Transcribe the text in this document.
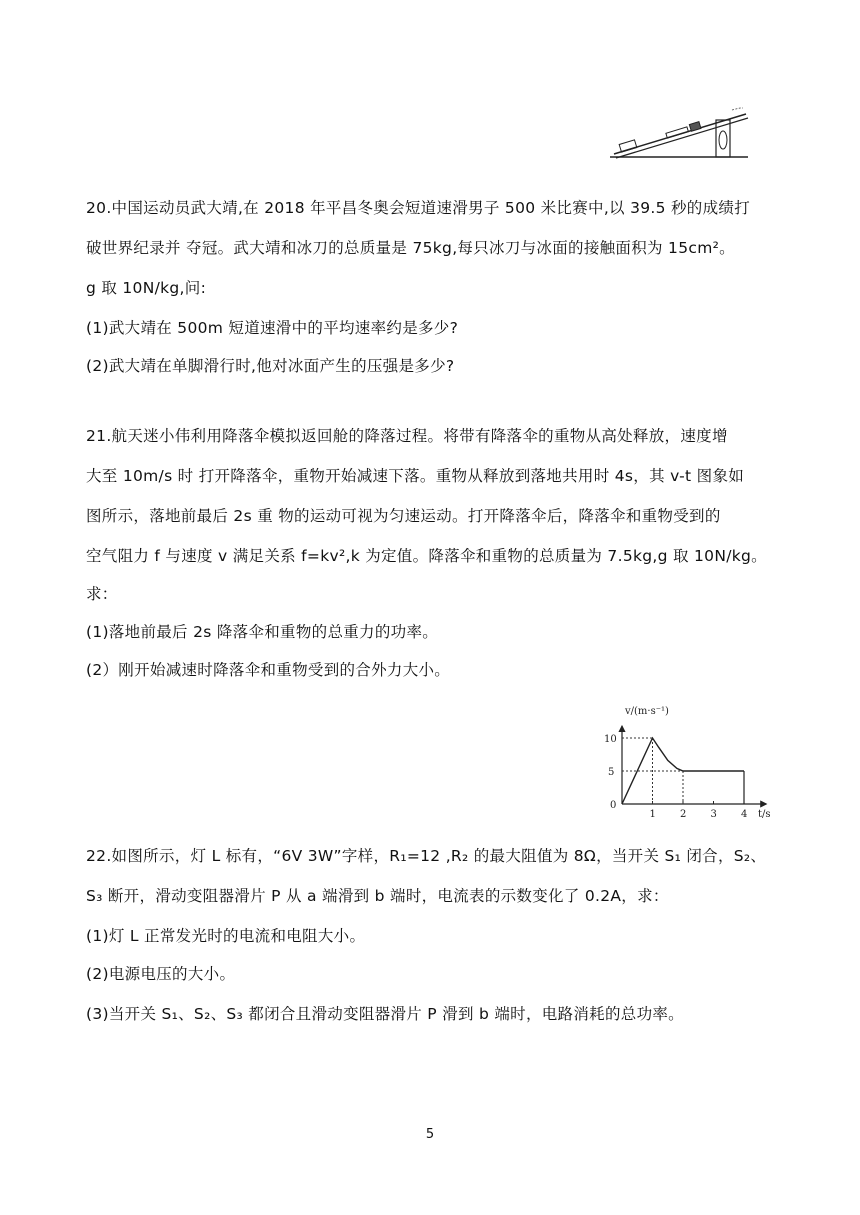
20.中国运动员武大靖,在 2018 年平昌冬奥会短道速滑男子 500 米比赛中,以 39.5 秒的成绩打
破世界纪录并 夺冠。武大靖和冰刀的总质量是 75kg,每只冰刀与冰面的接触面积为 15cm²。
g 取 10N/kg,问:
(1)武大靖在 500m 短道速滑中的平均速率约是多少?
(2)武大靖在单脚滑行时,他对冰面产生的压强是多少?
21.航天迷小伟利用降落伞模拟返回舱的降落过程。将带有降落伞的重物从高处释放，速度增
大至 10m/s 时 打开降落伞，重物开始减速下落。重物从释放到落地共用时 4s，其 v-t 图象如
图所示，落地前最后 2s 重 物的运动可视为匀速运动。打开降落伞后，降落伞和重物受到的
空气阻力 f 与速度 v 满足关系 f=kv²,k 为定值。降落伞和重物的总质量为 7.5kg,g 取 10N/kg。
求：
(1)落地前最后 2s 降落伞和重物的总重力的功率。
(2）刚开始减速时降落伞和重物受到的合外力大小。
1 2 3 4
5
10
v/(m·s⁻¹)
t/s
0
22.如图所示，灯 L 标有，“6V 3W”字样，R₁=12 ,R₂ 的最大阻值为 8Ω，当开关 S₁ 闭合，S₂、
S₃ 断开，滑动变阻器滑片 P 从 a 端滑到 b 端时，电流表的示数变化了 0.2A，求：
(1)灯 L 正常发光时的电流和电阻大小。
(2)电源电压的大小。
(3)当开关 S₁、S₂、S₃ 都闭合且滑动变阻器滑片 P 滑到 b 端时，电路消耗的总功率。
5
